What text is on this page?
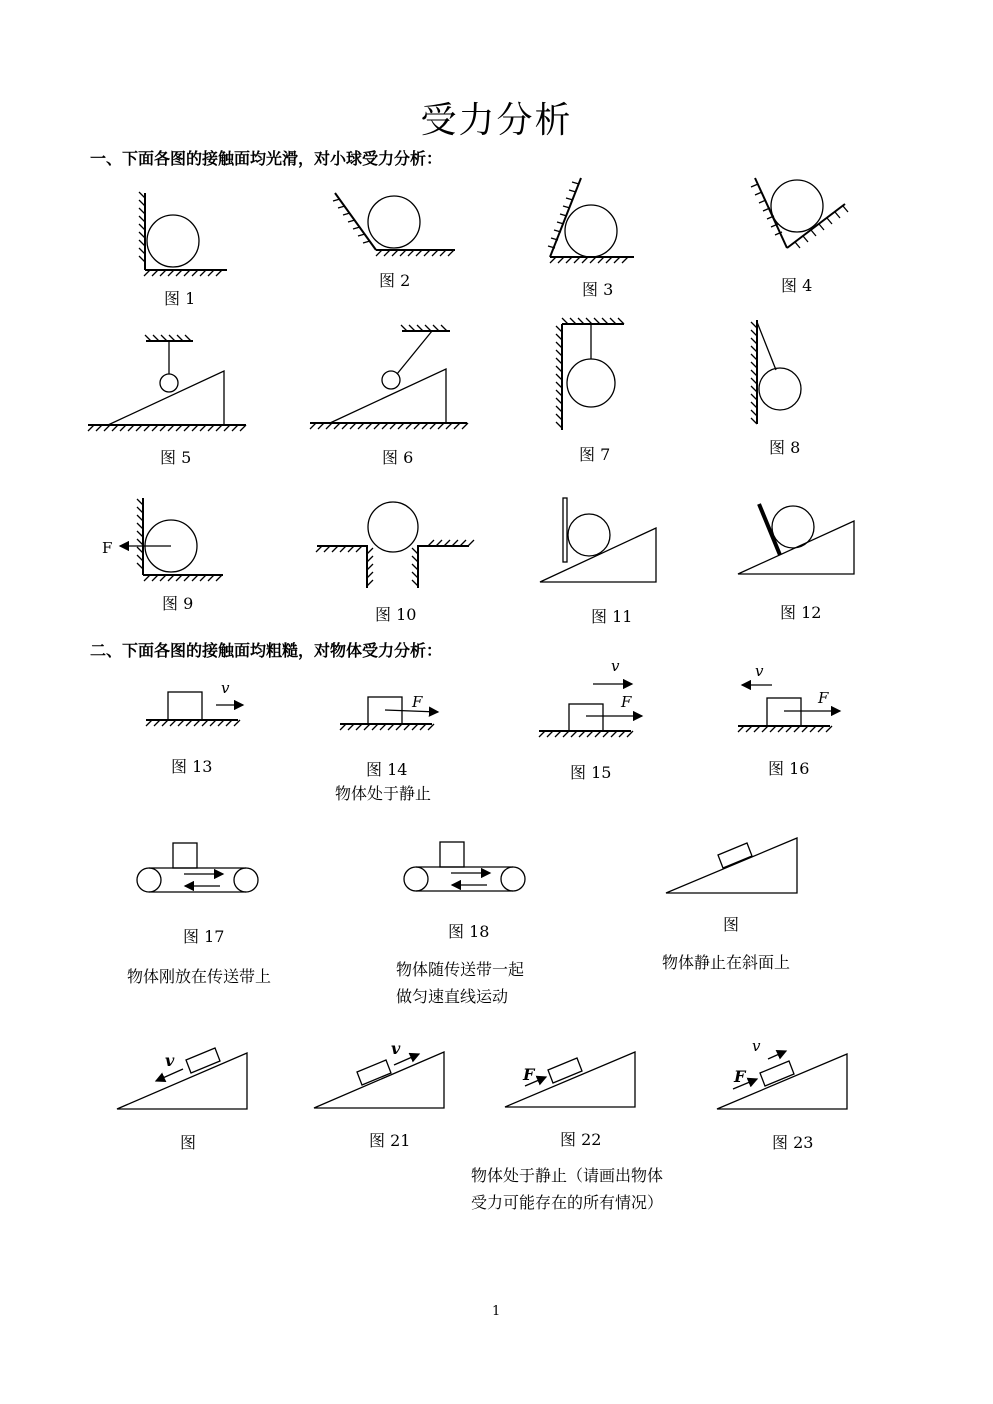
受力分析
一、下面各图的接触面均光滑，对小球受力分析：
二、下面各图的接触面均粗糙，对物体受力分析：
F
v
F
v
F
v
F
v
v
F
v
F
图 1
图 2	图 3	图 4
图 5	图 6	图 7	图 8
图 9
图 10	图 11	图 12
图 13	图 14	图 15	图 16
图 17	图 18	图
图	图 21	图 22	图 23
物体处于静止
物体刚放在传送带上	物体随传送带一起
做匀速直线运动
物体静止在斜面上
物体处于静止（请画出物体
受力可能存在的所有情况）
1
